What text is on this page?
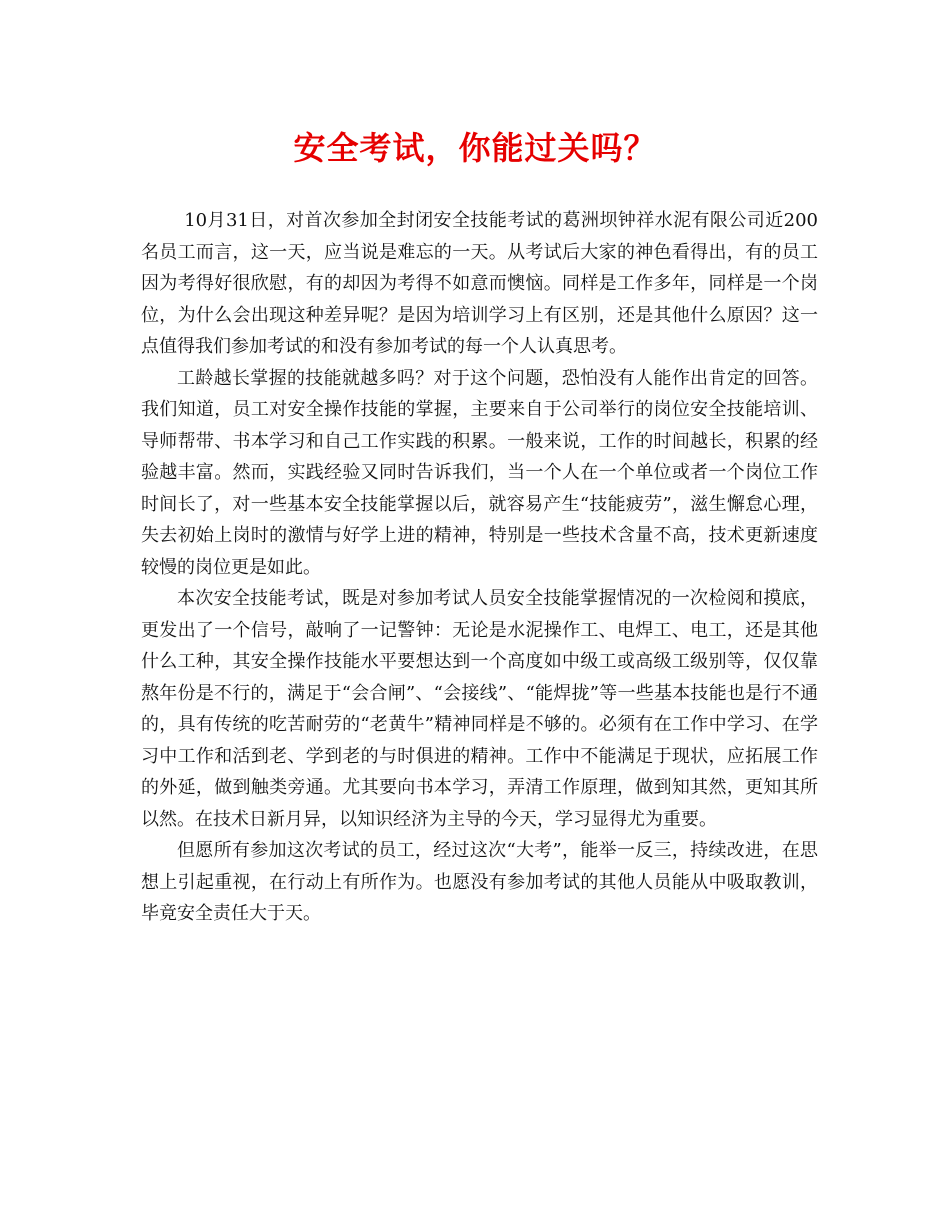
安全考试，你能过关吗？

10月31日，对首次参加全封闭安全技能考试的葛洲坝钟祥水泥有限公司近200名员工而言，这一天，应当说是难忘的一天。从考试后大家的神色看得出，有的员工因为考得好很欣慰，有的却因为考得不如意而懊恼。同样是工作多年，同样是一个岗位，为什么会出现这种差异呢？是因为培训学习上有区别，还是其他什么原因？这一点值得我们参加考试的和没有参加考试的每一个人认真思考。

工龄越长掌握的技能就越多吗？对于这个问题，恐怕没有人能作出肯定的回答。我们知道，员工对安全操作技能的掌握，主要来自于公司举行的岗位安全技能培训、导师帮带、书本学习和自己工作实践的积累。一般来说，工作的时间越长，积累的经验越丰富。然而，实践经验又同时告诉我们，当一个人在一个单位或者一个岗位工作时间长了，对一些基本安全技能掌握以后，就容易产生“技能疲劳”，滋生懈怠心理，失去初始上岗时的激情与好学上进的精神，特别是一些技术含量不高，技术更新速度较慢的岗位更是如此。

本次安全技能考试，既是对参加考试人员安全技能掌握情况的一次检阅和摸底，更发出了一个信号，敲响了一记警钟：无论是水泥操作工、电焊工、电工，还是其他什么工种，其安全操作技能水平要想达到一个高度如中级工或高级工级别等，仅仅靠熬年份是不行的，满足于“会合闸”、“会接线”、“能焊拢”等一些基本技能也是行不通的，具有传统的吃苦耐劳的“老黄牛”精神同样是不够的。必须有在工作中学习、在学习中工作和活到老、学到老的与时俱进的精神。工作中不能满足于现状，应拓展工作的外延，做到触类旁通。尤其要向书本学习，弄清工作原理，做到知其然，更知其所以然。在技术日新月异，以知识经济为主导的今天，学习显得尤为重要。

但愿所有参加这次考试的员工，经过这次“大考”，能举一反三，持续改进，在思想上引起重视，在行动上有所作为。也愿没有参加考试的其他人员能从中吸取教训，毕竟安全责任大于天。
